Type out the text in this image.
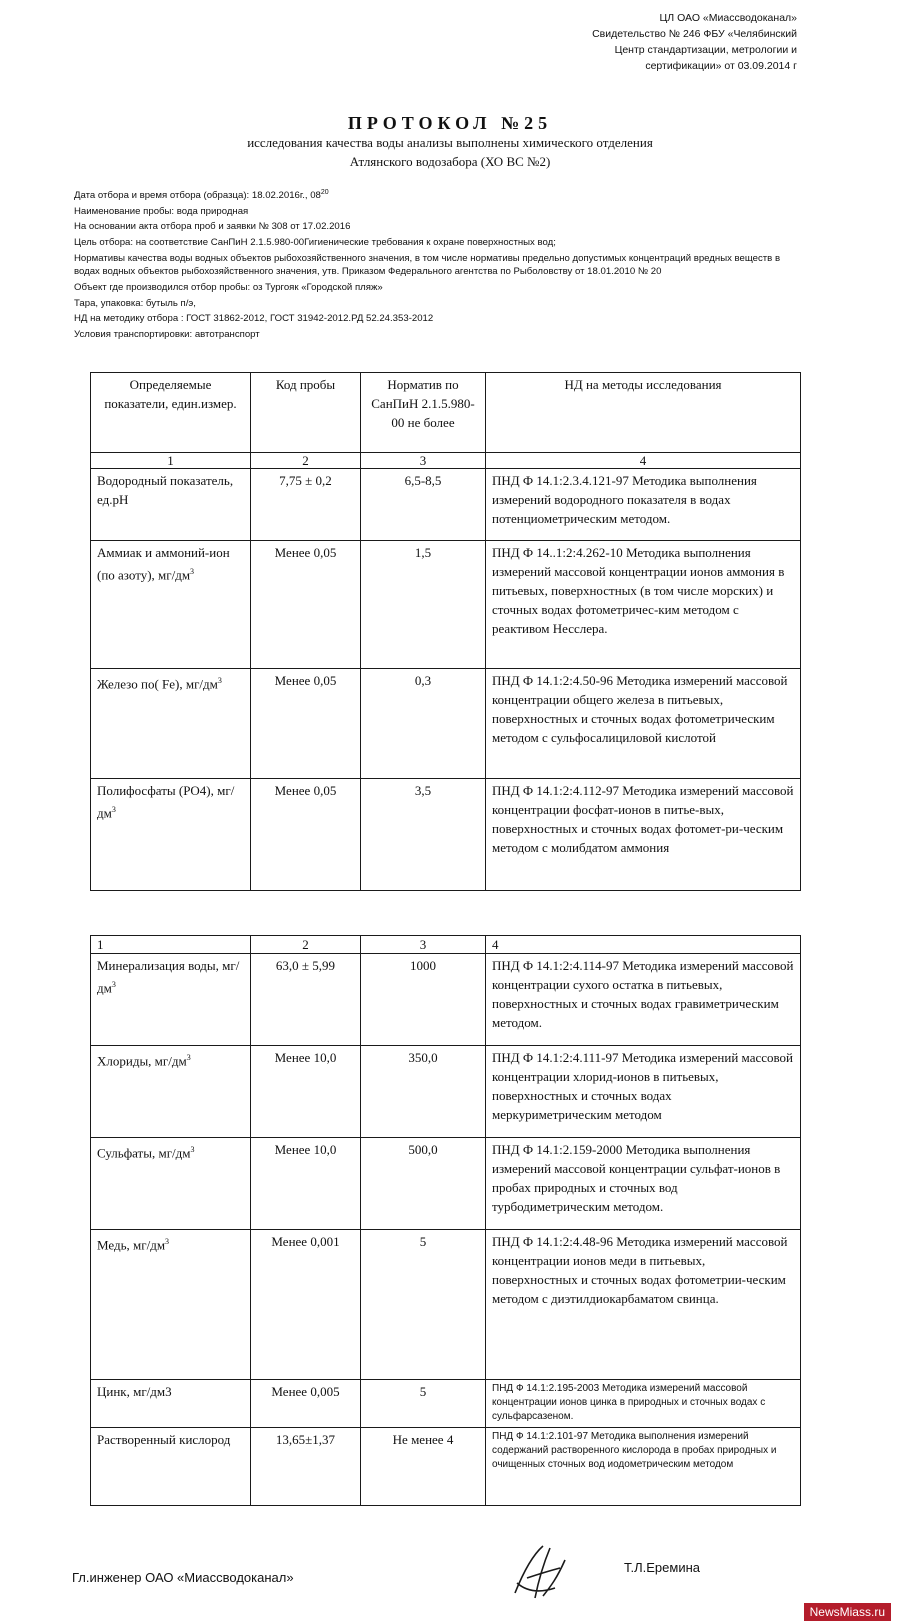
ЦЛ ОАО «Миассводоканал»
Свидетельство № 246 ФБУ «Челябинский
Центр стандартизации, метрологии и
сертификации» от 03.09.2014 г
ПРОТОКОЛ №25
исследования качества воды анализы выполнены химического отделения
Атлянского водозабора (ХО ВС №2)
Дата отбора и время отбора (образца): 18.02.2016г., $08^{20}$
Наименование пробы: вода природная
На основании акта отбора проб и заявки № 308 от 17.02.2016
Цель отбора: на соответствие СанПиН 2.1.5.980-00Гигиенические требования к охране поверхностных вод;
Нормативы качества воды водных объектов рыбохозяйственного значения, в том числе нормативы предельно допустимых концентраций вредных веществ в водах водных объектов рыбохозяйственного значения, утв. Приказом Федерального агентства по Рыболовству от 18.01.2010 № 20
Объект где производился отбор пробы: оз Тургояк «Городской пляж»
Тара, упаковка: бутыль п/э,
НД на методику отбора : ГОСТ 31862-2012, ГОСТ 31942-2012.РД 52.24.353-2012
Условия транспортировки: автотранспорт
Определяемые показатели, един.измер.	Код пробы	Норматив по СанПиН 2.1.5.980-00 не более	НД на методы исследования
1	2	3	4
Водородный показатель, ед.pH	7,75 ± 0,2	6,5-8,5	ПНД Ф 14.1:2.3.4.121-97 Методика выполнения измерений водородного показателя в водах потенциометрическим методом.
Аммиак и аммоний-ион (по азоту), $мг/дм^3$	Менее 0,05	1,5	ПНД Ф 14..1:2:4.262-10 Методика выполнения измерений массовой концентрации ионов аммония в питьевых, поверхностных (в том числе морских) и сточных водах фотометричес-ким методом с реактивом Несслера.
Железо по( Fe), $мг/дм^3$	Менее 0,05	0,3	ПНД Ф 14.1:2:4.50-96 Методика измерений массовой концентрации общего железа в питьевых, поверхностных и сточных водах фотометрическим методом с сульфосалициловой кислотой
Полифосфаты (PO4), $мг/дм^3$	Менее 0,05	3,5	ПНД Ф 14.1:2:4.112-97 Методика измерений массовой концентрации фосфат-ионов в питье-вых, поверхностных и сточных водах фотомет-ри-ческим методом с молибдатом аммония
1	2	3	4
Минерализация воды, $мг/дм^3$	63,0 ± 5,99	1000	ПНД Ф 14.1:2:4.114-97 Методика измерений массовой концентрации сухого остатка в питьевых, поверхностных и сточных водах гравиметрическим методом.
Хлориды, $мг/дм^3$	Менее 10,0	350,0	ПНД Ф 14.1:2:4.111-97 Методика измерений массовой концентрации хлорид-ионов в питьевых, поверхностных и сточных водах меркуриметрическим методом
Сульфаты, $мг/дм^3$	Менее 10,0	500,0	ПНД Ф 14.1:2.159-2000 Методика выполнения измерений массовой концентрации сульфат-ионов в пробах природных и сточных вод турбодиметрическим методом.
Медь, $мг/дм^3$	Менее 0,001	5	ПНД Ф 14.1:2:4.48-96 Методика измерений массовой концентрации ионов меди в питьевых, поверхностных и сточных водах фотометрии-ческим методом с диэтилдиокарбаматом свинца.
Цинк, мг/дм3	Менее 0,005	5	ПНД Ф 14.1:2.195-2003 Методика измерений массовой концентрации ионов цинка в природных и сточных водах с сульфарсазеном.
Растворенный кислород	13,65±1,37	Не менее 4	ПНД Ф 14.1:2.101-97 Методика выполнения измерений содержаний растворенного кислорода в пробах природных и очищенных сточных вод иодометрическим методом
Гл.инженер ОАО «Миассводоканал»
Т.Л.Еремина
NewsMiass.ru
